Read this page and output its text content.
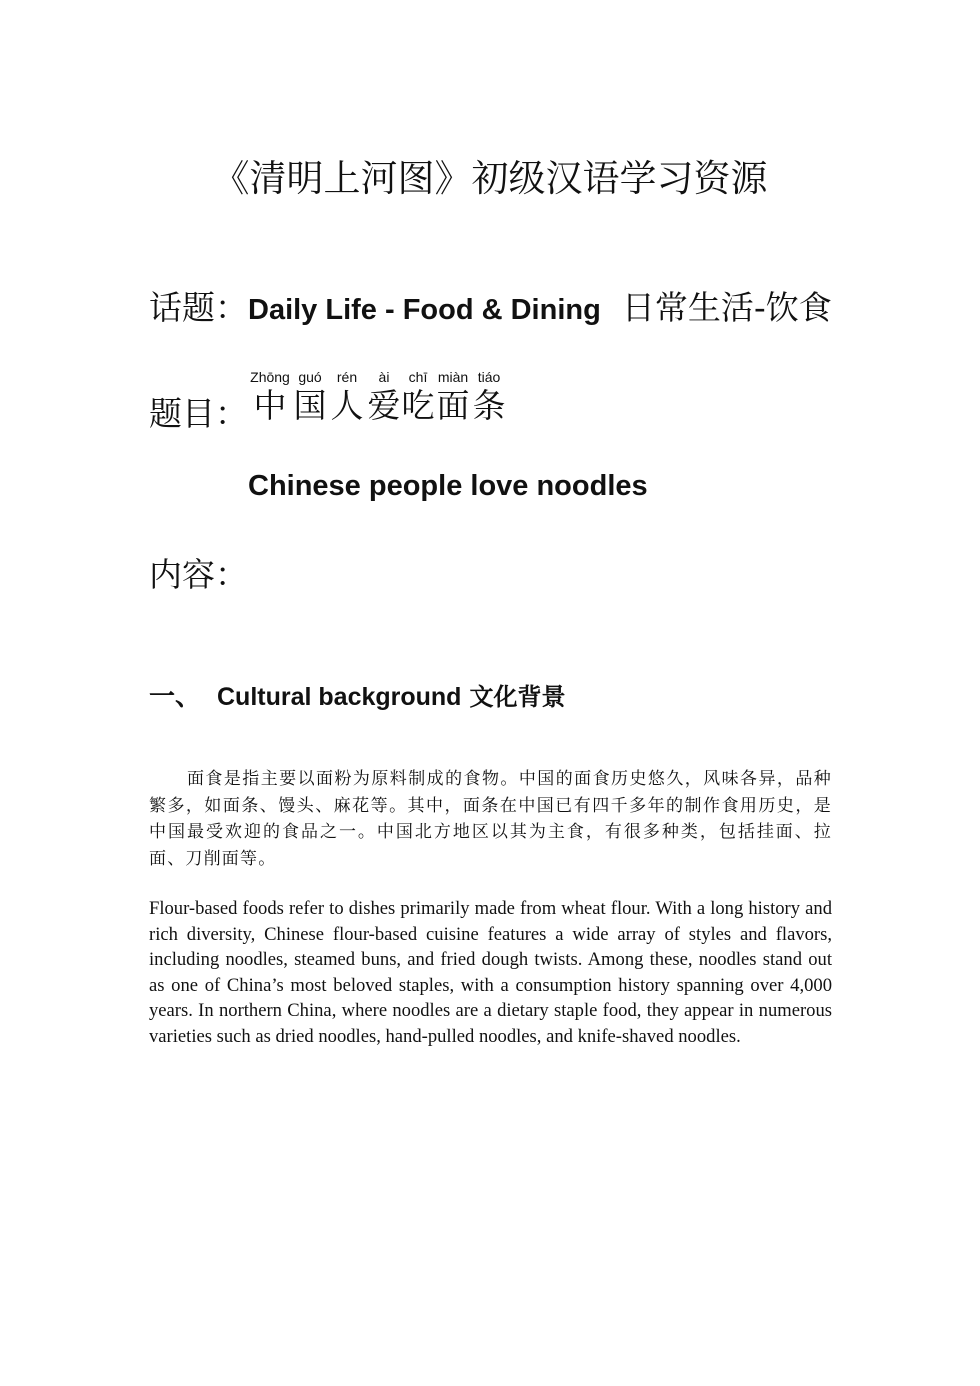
《清明上河图》初级汉语学习资源
话题：Daily Life - Food & Dining 日常生活-饮食
题目：
Zhōng
中
guó
国
rén
人
ài
爱
chī
吃
miàn
面
tiáo
条
Chinese people love noodles
内容：
一、 Cultural background 文化背景

面食是指主要以面粉为原料制成的食物。中国的面食历史悠久，风味各异，品种繁多，如面条、馒头、麻花等。其中，面条在中国已有四千多年的制作食用历史，是中国最受欢迎的食品之一。中国北方地区以其为主食，有很多种类，包括挂面、拉面、刀削面等。

Flour-based foods refer to dishes primarily made from wheat flour. With a long history and rich diversity, Chinese flour-based cuisine features a wide array of styles and flavors, including noodles, steamed buns, and fried dough twists. Among these, noodles stand out as one of China’s most beloved staples, with a consumption history spanning over 4,000 years. In northern China, where noodles are a dietary staple food, they appear in numerous varieties such as dried noodles, hand-pulled noodles, and knife-shaved noodles.
